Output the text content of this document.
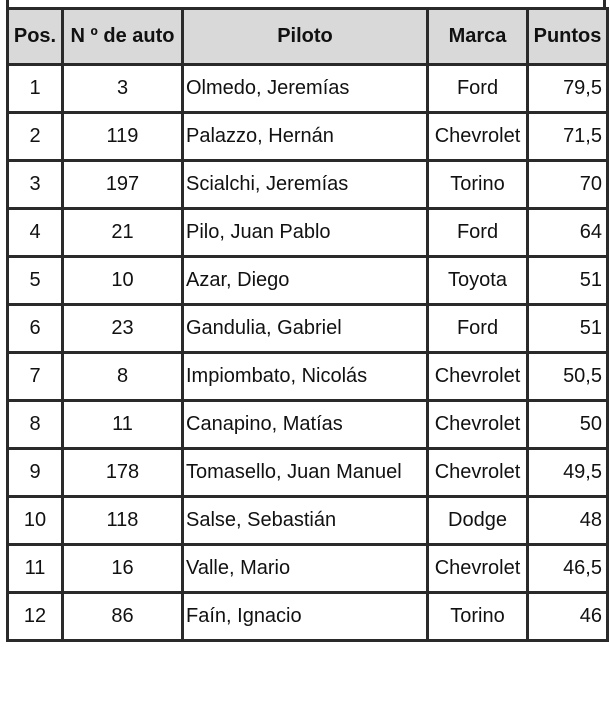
Pos.	N º de auto	Piloto	Marca	Puntos
1	3	Olmedo, Jeremías	Ford	79,5
2	119	Palazzo, Hernán	Chevrolet	71,5
3	197	Scialchi, Jeremías	Torino	70
4	21	Pilo, Juan Pablo	Ford	64
5	10	Azar, Diego	Toyota	51
6	23	Gandulia, Gabriel	Ford	51
7	8	Impiombato, Nicolás	Chevrolet	50,5
8	11	Canapino, Matías	Chevrolet	50
9	178	Tomasello, Juan Manuel	Chevrolet	49,5
10	118	Salse, Sebastián	Dodge	48
11	16	Valle, Mario	Chevrolet	46,5
12	86	Faín, Ignacio	Torino	46
